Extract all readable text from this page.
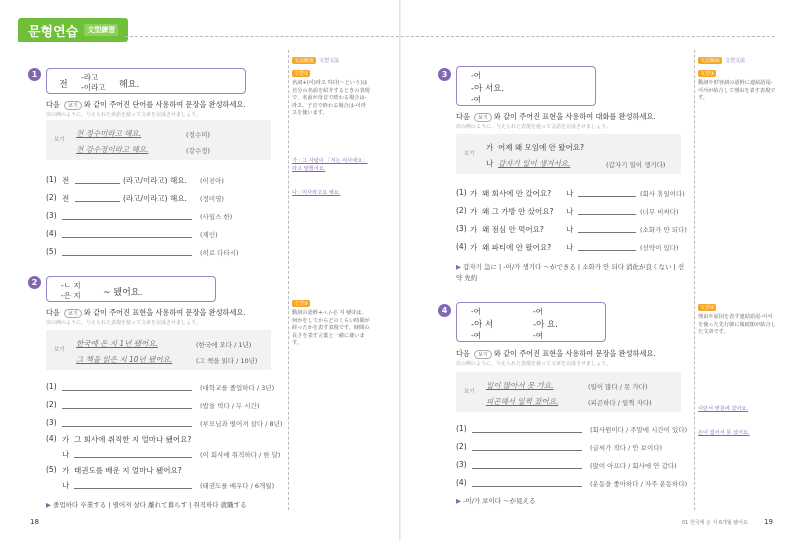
문형연습	文型練習
1
전
-라고
-이라고 해요.
다음 보기 와 같이 주어진 단어를 사용하여 문장을 완성하세요.
次の例のように、与えられた単語を使って文章を完成させましょう。
보기
전 정수미라고 해요.	(정수미)
전 강수정이라고 해요.	(강수정)
(1) 전	(라고/이라고) 해요. (이진아)
(2) 전	(라고/이라고) 해요. (정미영)
(3)	(사일스 한)
(4)	(제인)
(5)	(히로 다타시)
2	-ㄴ 지
-은 지 ~ 됐어요.
다음 보기 와 같이 주어진 표현을 사용하여 문장을 완성하세요.
次の例のように、与えられた表現を使って文章を完成させましょう。
보기
한국에 온 지 1년 됐어요.	(한국에 오다 / 1년)
그 책을 읽은 지 10년 됐어요.	(그 책을 읽다 / 10년)
(1)	(대학교를 졸업하다 / 3년)
(2)	(밥을 먹다 / 두 시간)
(3)	(부모님과 떨어져 살다 / 8년)
(4) 가 그 회사에 취직한 지 얼마나 됐어요?
나	(이 회사에 취직하다 / 한 달)
(5) 가 태권도를 배운 지 얼마나 됐어요?
나	(태권도를 배우다 / 6개월)
▶ 졸업하다 卒業する | 떨어져 살다 離れて暮らす | 취직하다 就職する
18
文法解説	文型文法
文型①
名詞+(이)라고 하다(〜という)は自分の名前を紹介するときの表現で、名前が母音で終わる場合は-라고、子音で終わる場合は-이라고を使います。
가 : 그 사람이 「저는 미사에요」라고 말했어요.
나 : 미사라고요 해요.
文型②
動詞の語幹+-ㄴ/-은 지 됐다は、何かをしてからどのくらい時間が経ったかを表す表現です。時間の長さを表す言葉と一緒に使います。
3	-어
-아 서요.
-여
다음 보기 와 같이 주어진 표현을 사용하여 대화를 완성하세요.
次の例のように、与えられた表現を使って会話を完成させましょう。
보기
가 어제 왜 모임에 안 왔어요?
나 갑자기 일이 생겨서요.	(갑자기 일이 생기다)
(1) 가 왜 회사에 안 갔어요? 나	(회사 휴일이다)
(2) 가 왜 그 가방 안 샀어요? 나	(너무 비싸다)
(3) 가 왜 점심 안 먹어요?	나	(소화가 안 되다)
(4) 가 왜 파티에 안 왔어요? 나	(선약이 있다)
▶ 갑자기 急に | -이/가 생기다 〜ができる | 소화가 안 되다 消化が良くない | 선약 先約
4	-어
-아 서
-여
-어
-아 요.
-여
다음 보기 와 같이 주어진 표현을 사용하여 문장을 완성하세요.
次の例のように、与えられた表現を使って文章を完成させましょう。
보기
일이 많아서 못 가요.	(일이 많다 / 못 가다)
피곤해서 일찍 잤어요.	(피곤하다 / 일찍 자다)
(1)	(회사원이다 / 주말에 시간이 있다)
(2)	(글씨가 작다 / 안 보이다)
(3)	(많이 아프다 / 회사에 안 갔다)
(4)	(운동을 좋아하다 / 자주 운동하다)
▶ -이/가 보이다 〜が見える
01 한국에 온 지 6개월 됐어요 19
文法解説	文型文法
文型③
動詞や形容詞の語幹に連結語尾-어서が結合して理由を表す表現です。
文型④
理由や原因を表す連結語尾-어서を使った先行節に後続節が結合した文章です。
이만서 병원에 갔어요.
돈이 없어서 못 샀어요.
